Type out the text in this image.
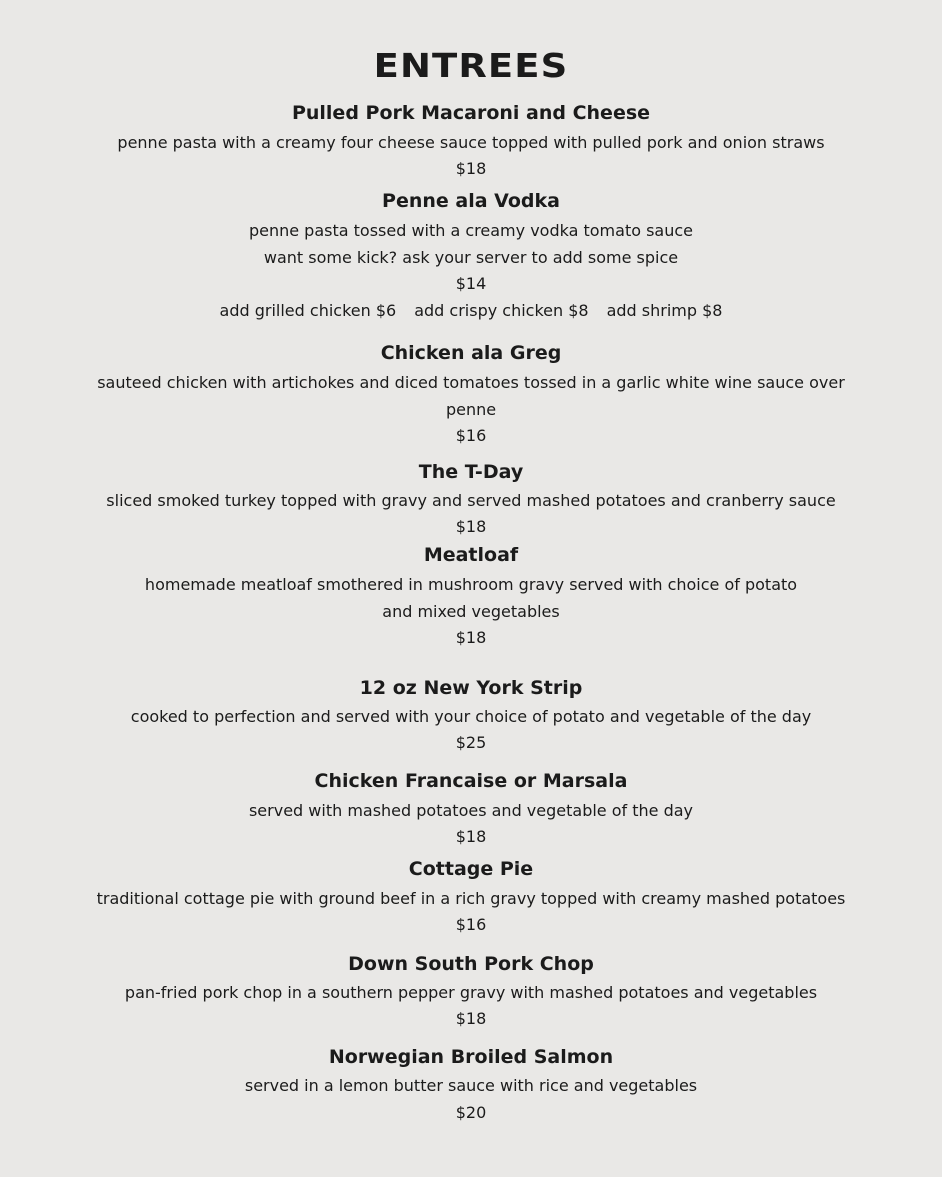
ENTREES
Pulled Pork Macaroni and Cheese
penne pasta with a creamy four cheese sauce topped with pulled pork and onion straws
$18
Penne ala Vodka
penne pasta tossed with a creamy vodka tomato sauce
want some kick? ask your server to add some spice
$14
add grilled chicken $6 add crispy chicken $8 add shrimp $8
Chicken ala Greg
sauteed chicken with artichokes and diced tomatoes tossed in a garlic white wine sauce over
penne
$16
The T-Day
sliced smoked turkey topped with gravy and served mashed potatoes and cranberry sauce
$18
Meatloaf
homemade meatloaf smothered in mushroom gravy served with choice of potato
and mixed vegetables
$18
12 oz New York Strip
cooked to perfection and served with your choice of potato and vegetable of the day
$25
Chicken Francaise or Marsala
served with mashed potatoes and vegetable of the day
$18
Cottage Pie
traditional cottage pie with ground beef in a rich gravy topped with creamy mashed potatoes
$16
Down South Pork Chop
pan-fried pork chop in a southern pepper gravy with mashed potatoes and vegetables
$18
Norwegian Broiled Salmon
served in a lemon butter sauce with rice and vegetables
$20
